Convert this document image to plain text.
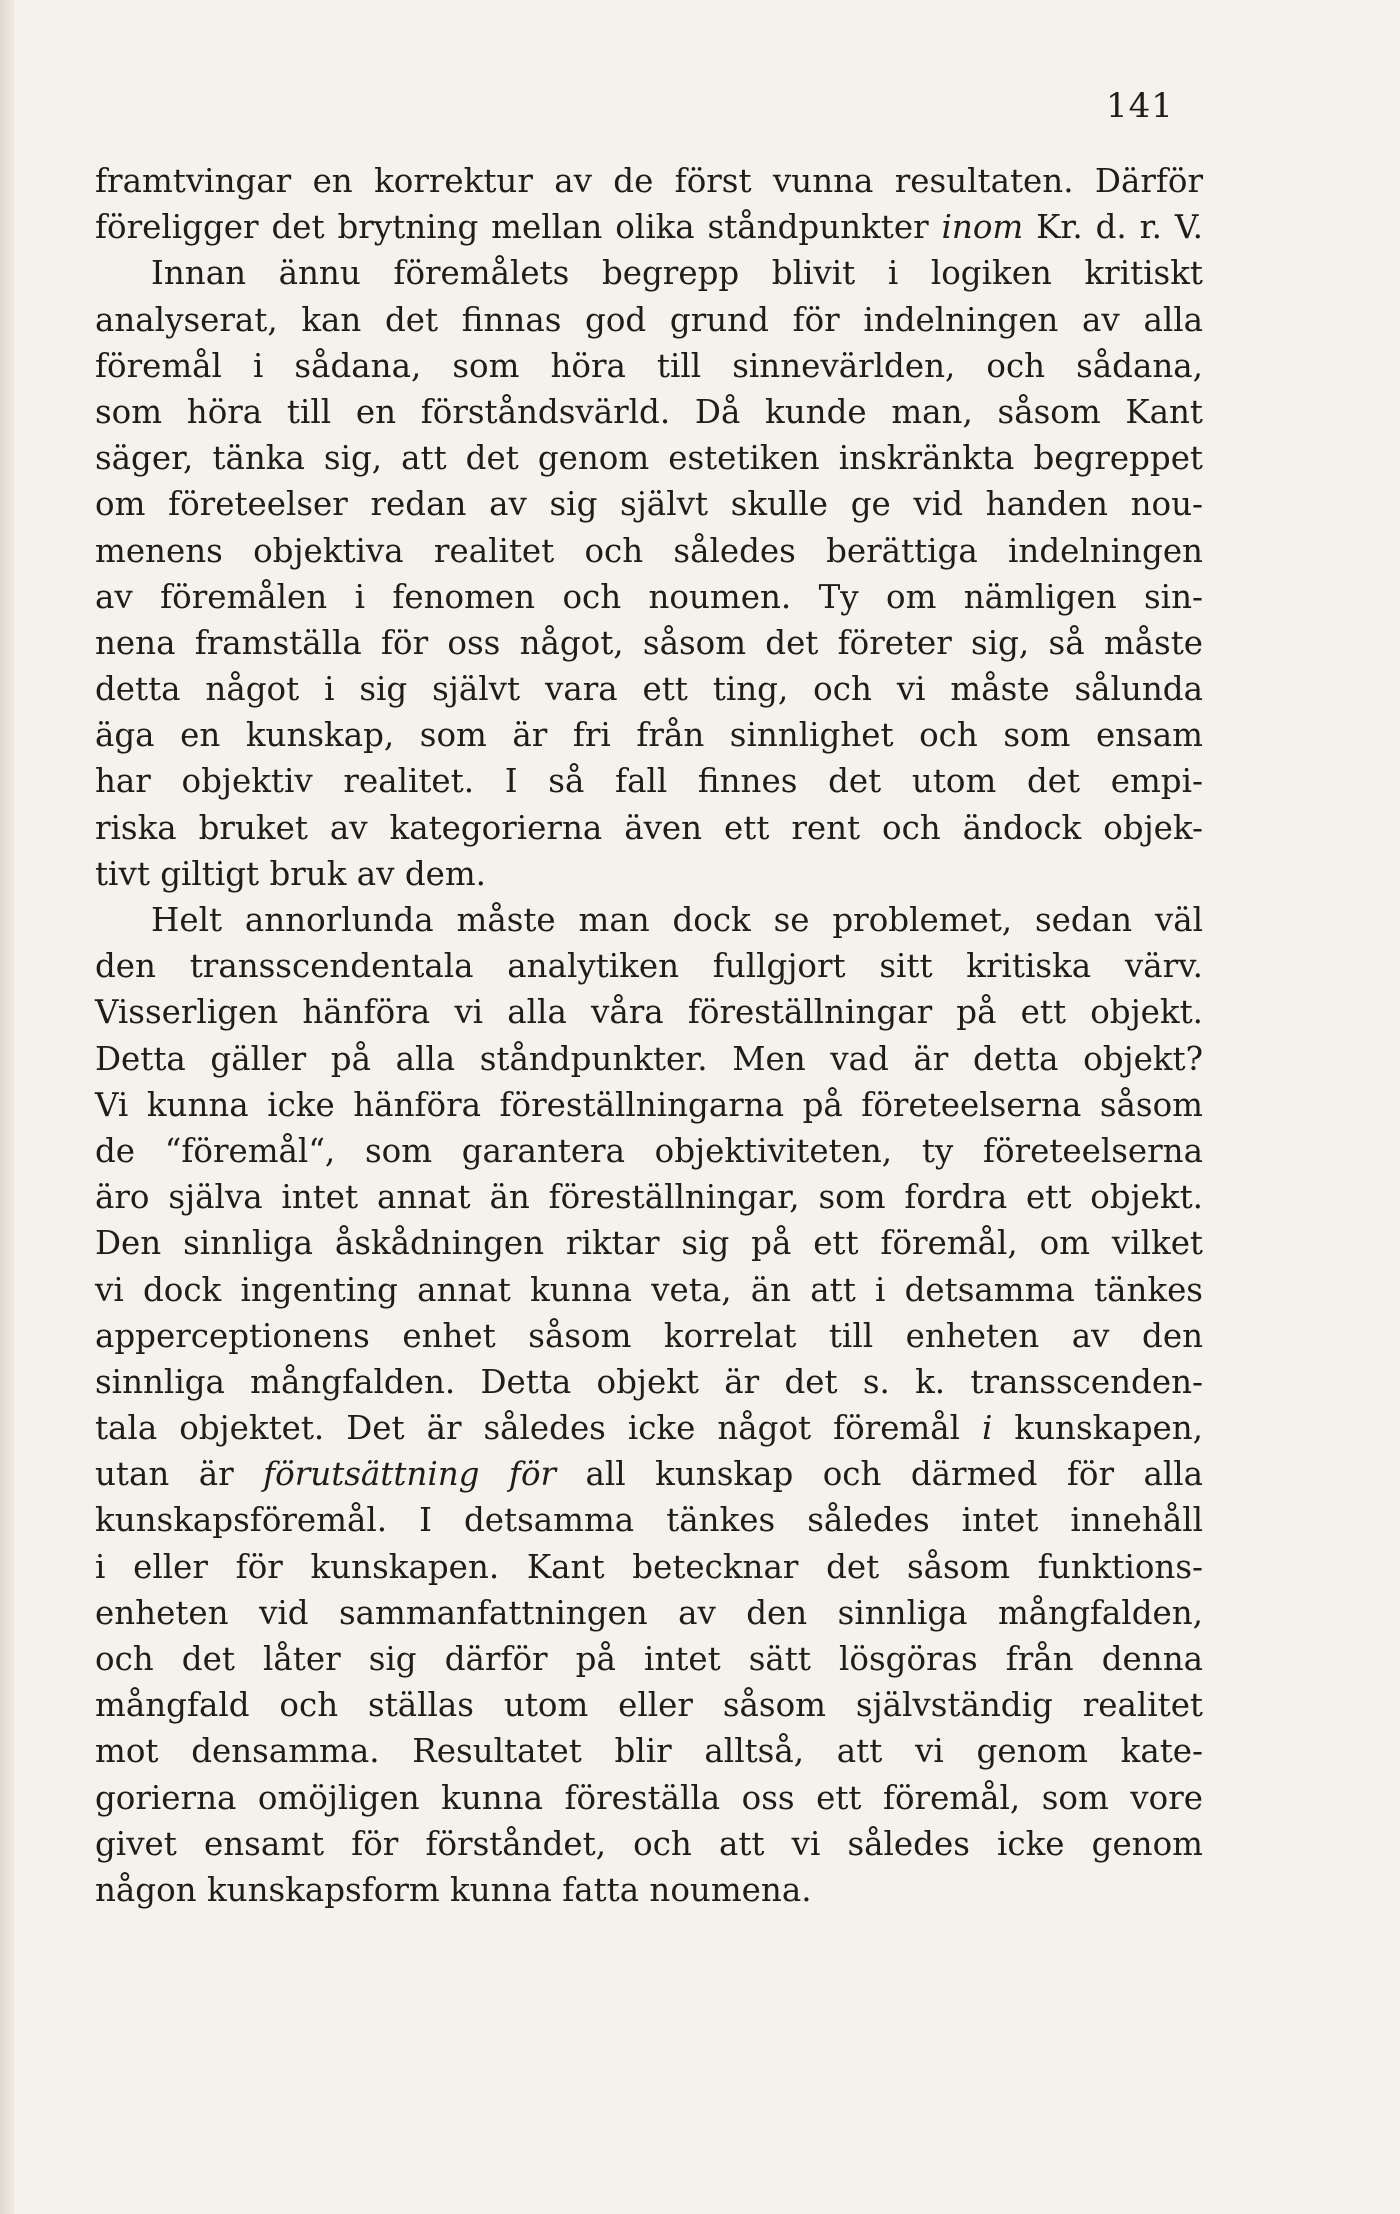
141
framtvingar en korrektur av de först vunna resultaten. Därför
föreligger det brytning mellan olika ståndpunkter inom Kr. d. r. V.
Innan ännu föremålets begrepp blivit i logiken kritiskt
analyserat, kan det finnas god grund för indelningen av alla
föremål i sådana, som höra till sinnevärlden, och sådana,
som höra till en förståndsvärld. Då kunde man, såsom Kant
säger, tänka sig, att det genom estetiken inskränkta begreppet
om företeelser redan av sig självt skulle ge vid handen nou-
menens objektiva realitet och således berättiga indelningen
av föremålen i fenomen och noumen. Ty om nämligen sin-
nena framställa för oss något, såsom det företer sig, så måste
detta något i sig självt vara ett ting, och vi måste sålunda
äga en kunskap, som är fri från sinnlighet och som ensam
har objektiv realitet. I så fall finnes det utom det empi-
riska bruket av kategorierna även ett rent och ändock objek-
tivt giltigt bruk av dem.
Helt annorlunda måste man dock se problemet, sedan väl
den transscendentala analytiken fullgjort sitt kritiska värv.
Visserligen hänföra vi alla våra föreställningar på ett objekt.
Detta gäller på alla ståndpunkter. Men vad är detta objekt?
Vi kunna icke hänföra föreställningarna på företeelserna såsom
de “föremål“, som garantera objektiviteten, ty företeelserna
äro själva intet annat än föreställningar, som fordra ett objekt.
Den sinnliga åskådningen riktar sig på ett föremål, om vilket
vi dock ingenting annat kunna veta, än att i detsamma tänkes
apperceptionens enhet såsom korrelat till enheten av den
sinnliga mångfalden. Detta objekt är det s. k. transscenden-
tala objektet. Det är således icke något föremål i kunskapen,
utan är förutsättning för all kunskap och därmed för alla
kunskapsföremål. I detsamma tänkes således intet innehåll
i eller för kunskapen. Kant betecknar det såsom funktions-
enheten vid sammanfattningen av den sinnliga mångfalden,
och det låter sig därför på intet sätt lösgöras från denna
mångfald och ställas utom eller såsom självständig realitet
mot densamma. Resultatet blir alltså, att vi genom kate-
gorierna omöjligen kunna föreställa oss ett föremål, som vore
givet ensamt för förståndet, och att vi således icke genom
någon kunskapsform kunna fatta noumena.
